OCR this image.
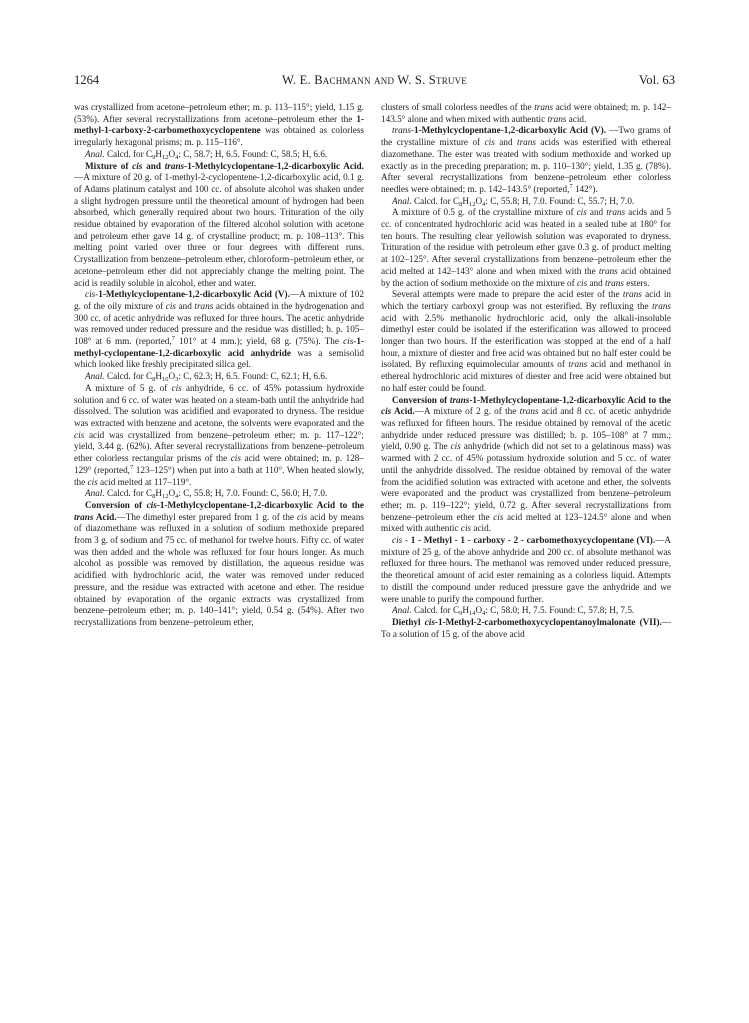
1264	W. E. Bachmann and W. S. Struve	Vol. 63

was crystallized from acetone–petroleum ether; m. p. 113–115°; yield, 1.15 g. (53%). After several recrystallizations from acetone–petroleum ether the 1-methyl-1-carboxy-2-carbomethoxycyclopentene was obtained as colorless irregularly hexagonal prisms; m. p. 115–116°.

Anal. Calcd. for $C_9H_{12}O_4$: C, 58.7; H, 6.5. Found: C, 58.5; H, 6.6.

Mixture of cis and trans-1-Methylcyclopentane-1,2-dicarboxylic Acid.—A mixture of 20 g. of 1-methyl-2-cyclopentene-1,2-dicarboxylic acid, 0.1 g. of Adams platinum catalyst and 100 cc. of absolute alcohol was shaken under a slight hydrogen pressure until the theoretical amount of hydrogen had been absorbed, which generally required about two hours. Trituration of the oily residue obtained by evaporation of the filtered alcohol solution with acetone and petroleum ether gave 14 g. of crystalline product; m. p. 108–113°. This melting point varied over three or four degrees with different runs. Crystallization from benzene–petroleum ether, chloroform–petroleum ether, or acetone–petroleum ether did not appreciably change the melting point. The acid is readily soluble in alcohol, ether and water.

cis-1-Methylcyclopentane-1,2-dicarboxylic Acid (V).—A mixture of 102 g. of the oily mixture of cis and trans acids obtained in the hydrogenation and 300 cc. of acetic anhydride was refluxed for three hours. The acetic anhydride was removed under reduced pressure and the residue was distilled; b. p. 105–108° at 6 mm. (reported,$^7$ 101° at 4 mm.); yield, 68 g. (75%). The cis-1-methyl-cyclopentane-1,2-dicarboxylic acid anhydride was a semisolid which looked like freshly precipitated silica gel.

Anal. Calcd. for $C_8H_{10}O_3$: C, 62.3; H, 6.5. Found: C, 62.1; H, 6.6.

A mixture of 5 g. of cis anhydride, 6 cc. of 45% potassium hydroxide solution and 6 cc. of water was heated on a steam-bath until the anhydride had dissolved. The solution was acidified and evaporated to dryness. The residue was extracted with benzene and acetone, the solvents were evaporated and the cis acid was crystallized from benzene–petroleum ether; m. p. 117–122°; yield, 3.44 g. (62%). After several recrystallizations from benzene–petroleum ether colorless rectangular prisms of the cis acid were obtained; m. p. 128–129° (reported,$^7$ 123–125°) when put into a bath at 110°. When heated slowly, the cis acid melted at 117–119°.

Anal. Calcd. for $C_8H_{12}O_4$: C, 55.8; H, 7.0. Found: C, 56.0; H, 7.0.

Conversion of cis-1-Methylcyclopentane-1,2-dicarboxylic Acid to the trans Acid.—The dimethyl ester prepared from 1 g. of the cis acid by means of diazomethane was refluxed in a solution of sodium methoxide prepared from 3 g. of sodium and 75 cc. of methanol for twelve hours. Fifty cc. of water was then added and the whole was refluxed for four hours longer. As much alcohol as possible was removed by distillation, the aqueous residue was acidified with hydrochloric acid, the water was removed under reduced pressure, and the residue was extracted with acetone and ether. The residue obtained by evaporation of the organic extracts was crystallized from benzene–petroleum ether; m. p. 140–141°; yield, 0.54 g. (54%). After two recrystallizations from benzene–petroleum ether,

clusters of small colorless needles of the trans acid were obtained; m. p. 142–143.5° alone and when mixed with authentic trans acid.

trans-1-Methylcyclopentane-1,2-dicarboxylic Acid (V). —Two grams of the crystalline mixture of cis and trans acids was esterified with ethereal diazomethane. The ester was treated with sodium methoxide and worked up exactly as in the preceding preparation; m. p. 110–130°; yield, 1.35 g. (78%). After several recrystallizations from benzene–petroleum ether colorless needles were obtained; m. p. 142–143.5° (reported,$^7$ 142°).

Anal. Calcd. for $C_8H_{12}O_4$: C, 55.8; H, 7.0. Found: C, 55.7; H, 7.0.

A mixture of 0.5 g. of the crystalline mixture of cis and trans acids and 5 cc. of concentrated hydrochloric acid was heated in a sealed tube at 180° for ten hours. The resulting clear yellowish solution was evaporated to dryness. Trituration of the residue with petroleum ether gave 0.3 g. of product melting at 102–125°. After several crystallizations from benzene–petroleum ether the acid melted at 142–143° alone and when mixed with the trans acid obtained by the action of sodium methoxide on the mixture of cis and trans esters.

Several attempts were made to prepare the acid ester of the trans acid in which the tertiary carboxyl group was not esterified. By refluxing the trans acid with 2.5% methanolic hydrochloric acid, only the alkali-insoluble dimethyl ester could be isolated if the esterification was allowed to proceed longer than two hours. If the esterification was stopped at the end of a half hour, a mixture of diester and free acid was obtained but no half ester could be isolated. By refluxing equimolecular amounts of trans acid and methanol in ethereal hydrochloric acid mixtures of diester and free acid were obtained but no half ester could be found.

Conversion of trans-1-Methylcyclopentane-1,2-dicarboxylic Acid to the cis Acid.—A mixture of 2 g. of the trans acid and 8 cc. of acetic anhydride was refluxed for fifteen hours. The residue obtained by removal of the acetic anhydride under reduced pressure was distilled; b. p. 105–108° at 7 mm.; yield, 0.90 g. The cis anhydride (which did not set to a gelatinous mass) was warmed with 2 cc. of 45% potassium hydroxide solution and 5 cc. of water until the anhydride dissolved. The residue obtained by removal of the water from the acidified solution was extracted with acetone and ether, the solvents were evaporated and the product was crystallized from benzene–petroleum ether; m. p. 119–122°; yield, 0.72 g. After several recrystallizations from benzene–petroleum ether the cis acid melted at 123–124.5° alone and when mixed with authentic cis acid.

cis - 1 - Methyl - 1 - carboxy - 2 - carbomethoxycyclopentane (VI).—A mixture of 25 g. of the above anhydride and 200 cc. of absolute methanol was refluxed for three hours. The methanol was removed under reduced pressure, the theoretical amount of acid ester remaining as a colorless liquid. Attempts to distill the compound under reduced pressure gave the anhydride and we were unable to purify the compound further.

Anal. Calcd. for $C_9H_{14}O_4$: C, 58.0; H, 7.5. Found: C, 57.8; H, 7.5.

Diethyl cis-1-Methyl-2-carbomethoxycyclopentanoylmalonate (VII).—To a solution of 15 g. of the above acid
